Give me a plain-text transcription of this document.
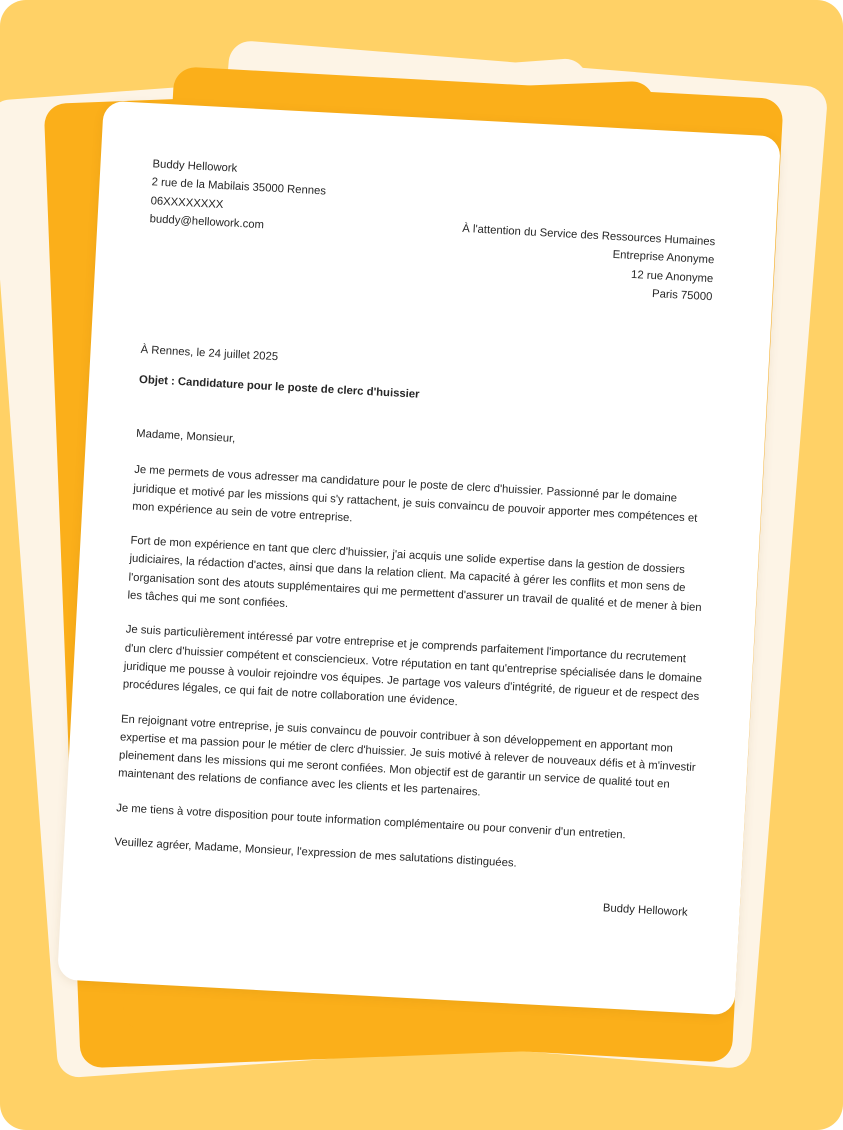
Buddy Hellowork
2 rue de la Mabilais 35000 Rennes
06XXXXXXXX
buddy@hellowork.com
À l'attention du Service des Ressources Humaines
Entreprise Anonyme
12 rue Anonyme
Paris 75000
À Rennes, le 24 juillet 2025
Objet : Candidature pour le poste de clerc d'huissier

Madame, Monsieur,

Je me permets de vous adresser ma candidature pour le poste de clerc d'huissier. Passionné par le domaine juridique et motivé par les missions qui s'y rattachent, je suis convaincu de pouvoir apporter mes compétences et mon expérience au sein de votre entreprise.

Fort de mon expérience en tant que clerc d'huissier, j'ai acquis une solide expertise dans la gestion de dossiers judiciaires, la rédaction d'actes, ainsi que dans la relation client. Ma capacité à gérer les conflits et mon sens de l'organisation sont des atouts supplémentaires qui me permettent d'assurer un travail de qualité et de mener à bien les tâches qui me sont confiées.

Je suis particulièrement intéressé par votre entreprise et je comprends parfaitement l'importance du recrutement d'un clerc d'huissier compétent et consciencieux. Votre réputation en tant qu'entreprise spécialisée dans le domaine juridique me pousse à vouloir rejoindre vos équipes. Je partage vos valeurs d'intégrité, de rigueur et de respect des procédures légales, ce qui fait de notre collaboration une évidence.

En rejoignant votre entreprise, je suis convaincu de pouvoir contribuer à son développement en apportant mon expertise et ma passion pour le métier de clerc d'huissier. Je suis motivé à relever de nouveaux défis et à m'investir pleinement dans les missions qui me seront confiées. Mon objectif est de garantir un service de qualité tout en maintenant des relations de confiance avec les clients et les partenaires.

Je me tiens à votre disposition pour toute information complémentaire ou pour convenir d'un entretien.

Veuillez agréer, Madame, Monsieur, l'expression de mes salutations distinguées.

Buddy Hellowork
